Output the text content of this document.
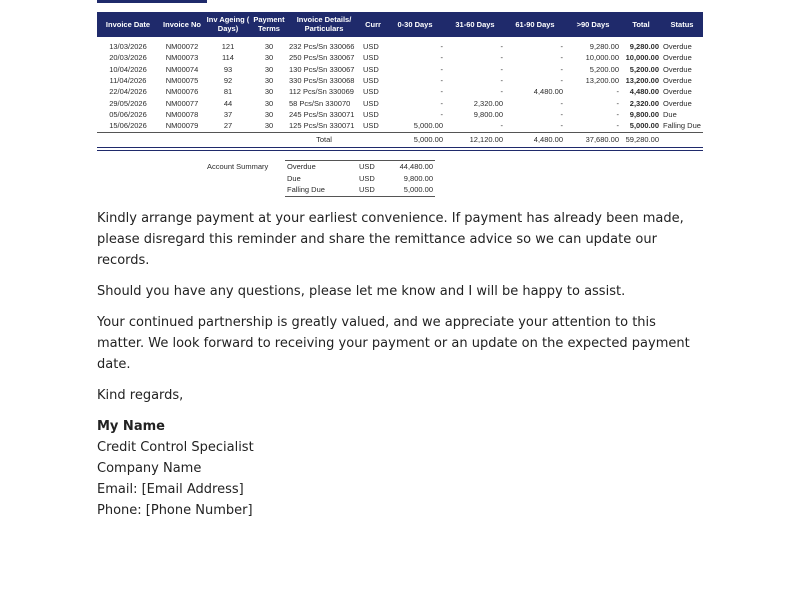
Invoice Date	Invoice No	Inv Ageing ( Days)	Payment Terms	Invoice Details/ Particulars	Curr	0-30 Days	31-60 Days	61-90 Days	>90 Days	Total	Status
13/03/2026	NM00072	121	30	232 Pcs/Sn 330066	USD	-	-	-	9,280.00	9,280.00	Overdue
20/03/2026	NM00073	114	30	250 Pcs/Sn 330067	USD	-	-	-	10,000.00	10,000.00	Overdue
10/04/2026	NM00074	93	30	130 Pcs/Sn 330067	USD	-	-	-	5,200.00	5,200.00	Overdue
11/04/2026	NM00075	92	30	330 Pcs/Sn 330068	USD	-	-	-	13,200.00	13,200.00	Overdue
22/04/2026	NM00076	81	30	112 Pcs/Sn 330069	USD	-	-	4,480.00	-	4,480.00	Overdue
29/05/2026	NM00077	44	30	58 Pcs/Sn 330070	USD	-	2,320.00	-	-	2,320.00	Overdue
05/06/2026	NM00078	37	30	245 Pcs/Sn 330071	USD	-	9,800.00	-	-	9,800.00	Due
15/06/2026	NM00079	27	30	125 Pcs/Sn 330071	USD	5,000.00	-	-	-	5,000.00	Falling Due
				Total		5,000.00	12,120.00	4,480.00	37,680.00	59,280.00	
Account Summary Overdue	USD	44,480.00
Due	USD	9,800.00
Falling Due	USD	5,000.00

Kindly arrange payment at your earliest convenience. If payment has already been made, please disregard this reminder and share the remittance advice so we can update our records.

Should you have any questions, please let me know and I will be happy to assist.

Your continued partnership is greatly valued, and we appreciate your attention to this matter. We look forward to receiving your payment or an update on the expected payment date.

Kind regards,

My Name
Credit Control Specialist
Company Name
Email: [Email Address]
Phone: [Phone Number]
